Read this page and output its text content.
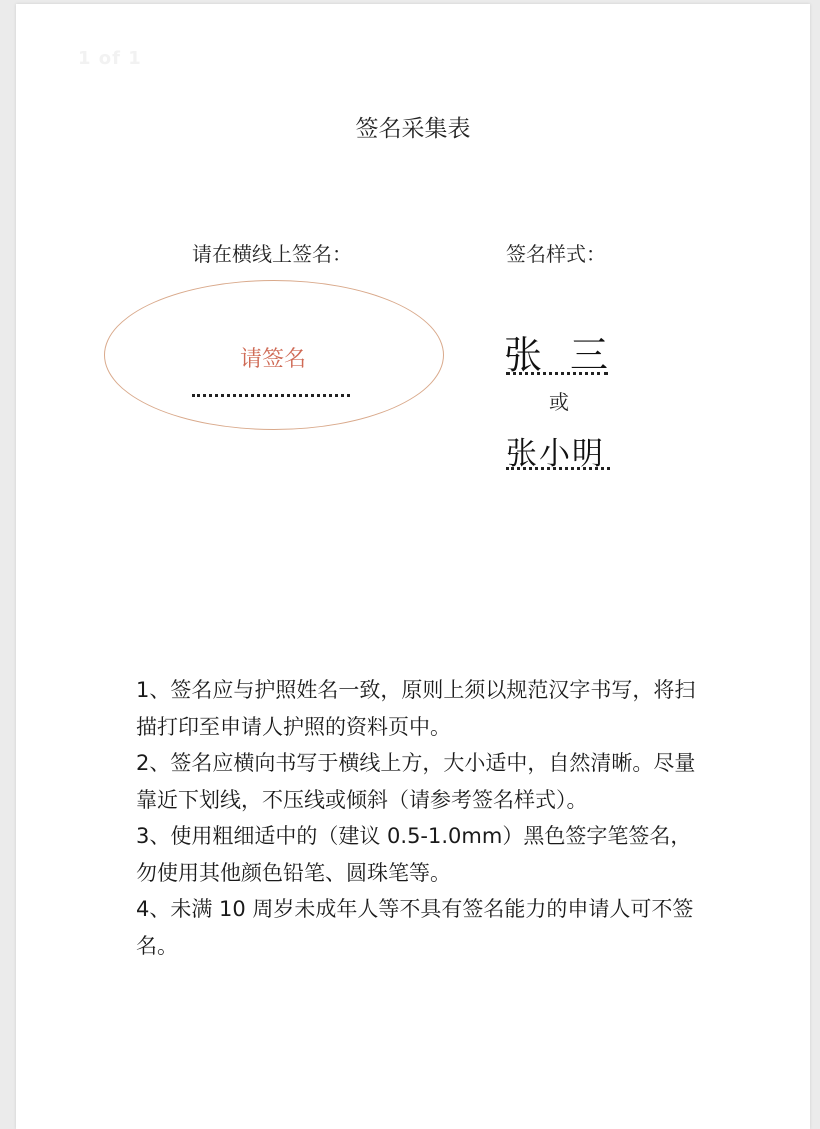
1 of 1
签名采集表
请在横线上签名：	签名样式：
请签名	张 三
或
张小明

1、签名应与护照姓名一致，原则上须以规范汉字书写，将扫描打印至申请人护照的资料页中。

2、签名应横向书写于横线上方，大小适中，自然清晰。尽量靠近下划线，不压线或倾斜（请参考签名样式）。

3、使用粗细适中的（建议 0.5-1.0mm）黑色签字笔签名，勿使用其他颜色铅笔、圆珠笔等。

4、未满 10 周岁未成年人等不具有签名能力的申请人可不签名。
